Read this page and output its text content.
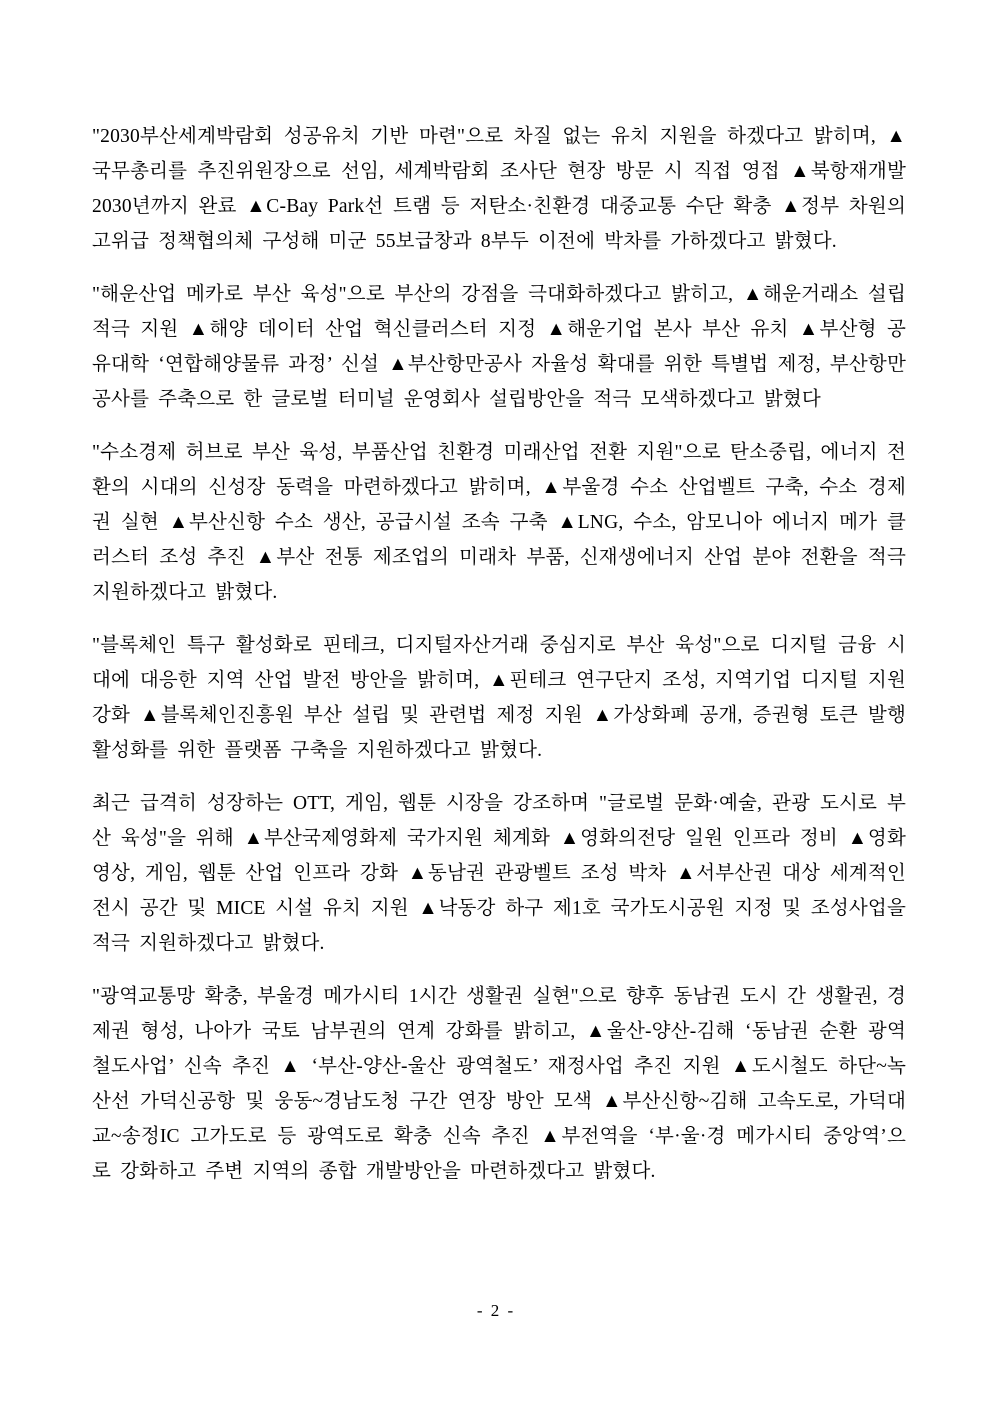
"2030부산세계박람회 성공유치 기반 마련"으로 차질 없는 유치 지원을 하겠다고 밝히며, ▲국무총리를 추진위원장으로 선임, 세계박람회 조사단 현장 방문 시 직접 영접 ▲북항재개발 2030년까지 완료 ▲C-Bay Park선 트램 등 저탄소·친환경 대중교통 수단 확충 ▲정부 차원의 고위급 정책협의체 구성해 미군 55보급창과 8부두 이전에 박차를 가하겠다고 밝혔다.

"해운산업 메카로 부산 육성"으로 부산의 강점을 극대화하겠다고 밝히고, ▲해운거래소 설립 적극 지원 ▲해양 데이터 산업 혁신클러스터 지정 ▲해운기업 본사 부산 유치 ▲부산형 공유대학 ‘연합해양물류 과정’ 신설 ▲부산항만공사 자율성 확대를 위한 특별법 제정, 부산항만공사를 주축으로 한 글로벌 터미널 운영회사 설립방안을 적극 모색하겠다고 밝혔다

"수소경제 허브로 부산 육성, 부품산업 친환경 미래산업 전환 지원"으로 탄소중립, 에너지 전환의 시대의 신성장 동력을 마련하겠다고 밝히며, ▲부울경 수소 산업벨트 구축, 수소 경제권 실현 ▲부산신항 수소 생산, 공급시설 조속 구축 ▲LNG, 수소, 암모니아 에너지 메가 클러스터 조성 추진 ▲부산 전통 제조업의 미래차 부품, 신재생에너지 산업 분야 전환을 적극 지원하겠다고 밝혔다.

"블록체인 특구 활성화로 핀테크, 디지털자산거래 중심지로 부산 육성"으로 디지털 금융 시대에 대응한 지역 산업 발전 방안을 밝히며, ▲핀테크 연구단지 조성, 지역기업 디지털 지원 강화 ▲블록체인진흥원 부산 설립 및 관련법 제정 지원 ▲가상화폐 공개, 증권형 토큰 발행 활성화를 위한 플랫폼 구축을 지원하겠다고 밝혔다.

최근 급격히 성장하는 OTT, 게임, 웹툰 시장을 강조하며 "글로벌 문화·예술, 관광 도시로 부산 육성"을 위해 ▲부산국제영화제 국가지원 체계화 ▲영화의전당 일원 인프라 정비 ▲영화영상, 게임, 웹툰 산업 인프라 강화 ▲동남권 관광벨트 조성 박차 ▲서부산권 대상 세계적인 전시 공간 및 MICE 시설 유치 지원 ▲낙동강 하구 제1호 국가도시공원 지정 및 조성사업을 적극 지원하겠다고 밝혔다.

"광역교통망 확충, 부울경 메가시티 1시간 생활권 실현"으로 향후 동남권 도시 간 생활권, 경제권 형성, 나아가 국토 남부권의 연계 강화를 밝히고, ▲울산-양산-김해 ‘동남권 순환 광역철도사업’ 신속 추진 ▲ ‘부산-양산-울산 광역철도’ 재정사업 추진 지원 ▲도시철도 하단~녹산선 가덕신공항 및 웅동~경남도청 구간 연장 방안 모색 ▲부산신항~김해 고속도로, 가덕대교~송정IC 고가도로 등 광역도로 확충 신속 추진 ▲부전역을 ‘부·울·경 메가시티 중앙역’으로 강화하고 주변 지역의 종합 개발방안을 마련하겠다고 밝혔다.

- 2 -
